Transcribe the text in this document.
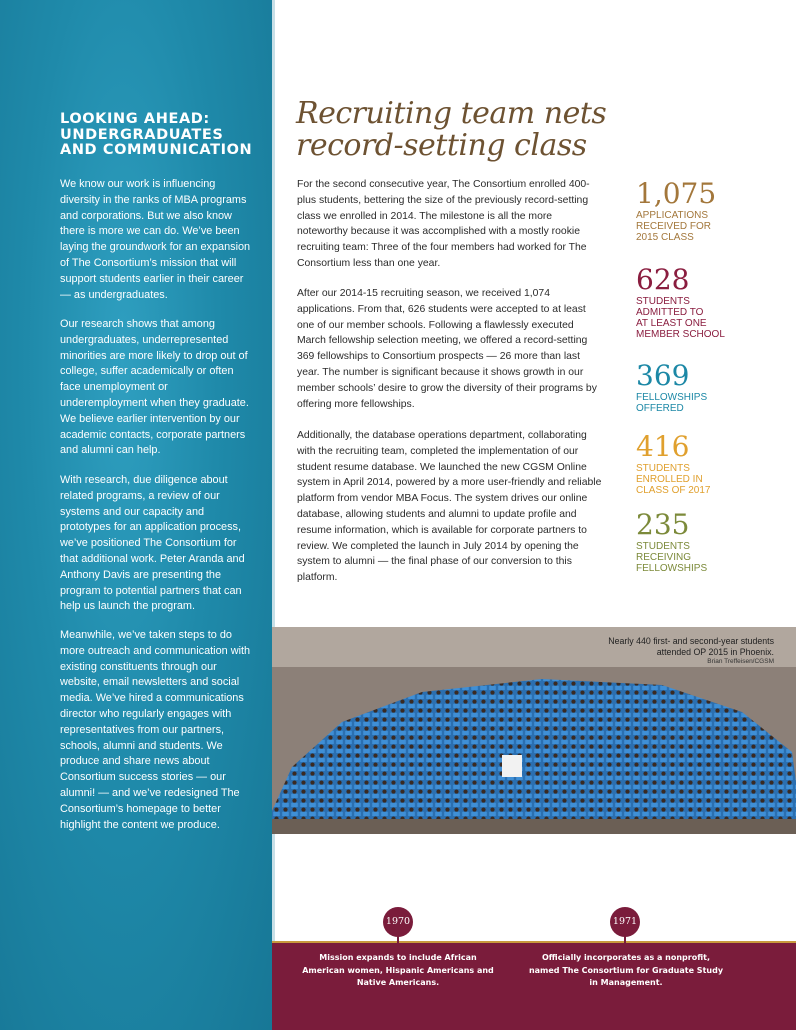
LOOKING AHEAD:
UNDERGRADUATES
AND COMMUNICATION

We know our work is influencing diversity in the ranks of MBA programs and corporations. But we also know there is more we can do. We’ve been laying the groundwork for an expansion of The Consortium’s mission that will support students earlier in their career — as undergraduates.

Our research shows that among undergraduates, underrepresented minorities are more likely to drop out of college, suffer academically or often face unemployment or underemployment when they graduate. We believe earlier intervention by our academic contacts, corporate partners and alumni can help.

With research, due diligence about related programs, a review of our systems and our capacity and prototypes for an application process, we’ve positioned The Consortium for that additional work. Peter Aranda and Anthony Davis are presenting the program to potential partners that can help us launch the program.

Meanwhile, we’ve taken steps to do more outreach and communication with existing constituents through our website, email newsletters and social media. We’ve hired a communications director who regularly engages with representatives from our partners, schools, alumni and students. We produce and share news about Consortium success stories — our alumni! — and we’ve redesigned The Consortium’s homepage to better highlight the content we produce.

Recruiting team nets record-setting class

For the second consecutive year, The Consortium enrolled 400-plus students, bettering the size of the previously record-setting class we enrolled in 2014. The milestone is all the more noteworthy because it was accomplished with a mostly rookie recruiting team: Three of the four members had worked for The Consortium less than one year.

After our 2014-15 recruiting season, we received 1,074 applications. From that, 626 students were accepted to at least one of our member schools. Following a flawlessly executed March fellowship selection meeting, we offered a record-setting 369 fellowships to Consortium prospects — 26 more than last year. The number is significant because it shows growth in our member schools’ desire to grow the diversity of their programs by offering more fellowships.

Additionally, the database operations department, collaborating with the recruiting team, completed the implementation of our student resume database. We launched the new CGSM Online system in April 2014, powered by a more user-friendly and reliable platform from vendor MBA Focus. The system drives our online database, allowing students and alumni to update profile and resume information, which is available for corporate partners to review. We completed the launch in July 2014 by opening the system to alumni — the final phase of our conversion to this platform.

1,075
APPLICATIONS
RECEIVED FOR
2015 CLASS
628
STUDENTS
ADMITTED TO
AT LEAST ONE
MEMBER SCHOOL
369
FELLOWSHIPS
OFFERED
416
STUDENTS
ENROLLED IN
CLASS OF 2017
235
STUDENTS
RECEIVING
FELLOWSHIPS
Nearly 440 first- and second-year students attended OP 2015 in Phoenix.
Brian Treffeisen/CGSM
1970

Mission expands to include African American women, Hispanic Americans and Native Americans.

1971

Officially incorporates as a nonprofit, named The Consortium for Graduate Study in Management.
